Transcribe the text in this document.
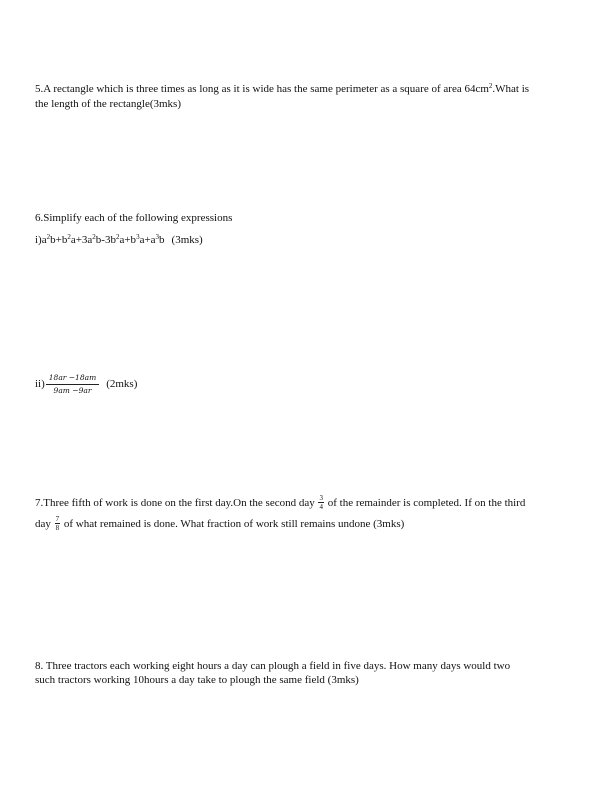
5.A rectangle which is three times as long as it is wide has the same perimeter as a square of area $64cm^2.What$ is
the length of the rectangle(3mks)
6.Simplify each of the following expressions
$i)a^2b+b^2a+3a^2b-3b^2a+b^3a+a^3b$ (3mks)
$ii) \frac{18ar -18am}{9am -9ar} (2mks)$
7.Three fifth of work is done on the first day.On the second day $\frac{3}{4}$ of the remainder is completed. If on the third
day $\frac{7}{8}$ of what remained is done. What fraction of work still remains undone (3mks)
8. Three tractors each working eight hours a day can plough a field in five days. How many days would two
such tractors working 10hours a day take to plough the same field (3mks)
